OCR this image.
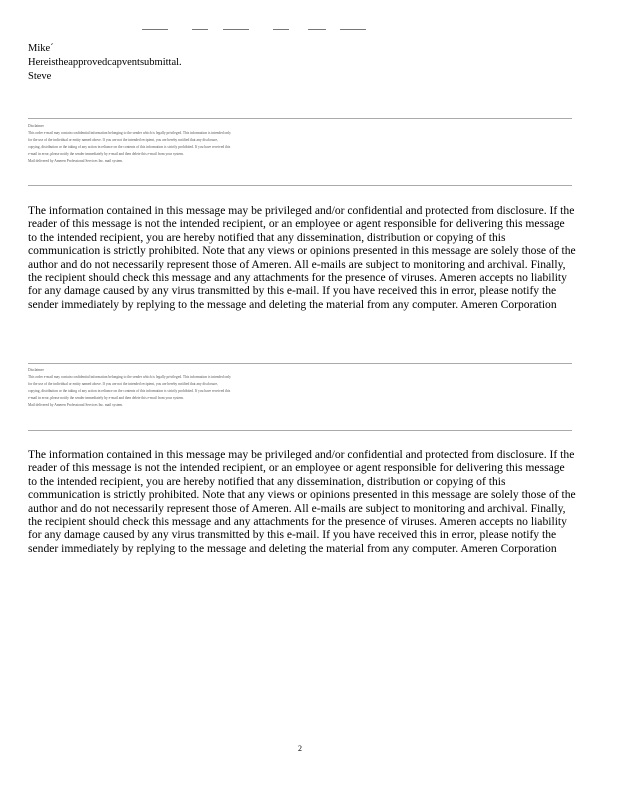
Mike´
Hereistheapprovedcapventsubmittal.
Steve
Disclaimer
This order e-mail may contain confidential information belonging to the sender which is legally privileged. This information is intended only
for the use of the individual or entity named above. If you are not the intended recipient, you are hereby notified that any disclosure,
copying, distribution or the taking of any action in reliance on the contents of this information is strictly prohibited. If you have received this
e-mail in error, please notify the sender immediately by e-mail and then delete this e-mail from your system.
Mail delivered by Ameren Professional Services Inc. mail system.
The information contained in this message may be privileged and/or confidential and protected from disclosure. If the reader of this message is not the intended recipient, or an employee or agent responsible for delivering this message to the intended recipient, you are hereby notified that any dissemination, distribution or copying of this communication is strictly prohibited. Note that any views or opinions presented in this message are solely those of the author and do not necessarily represent those of Ameren. All e-mails are subject to monitoring and archival. Finally, the recipient should check this message and any attachments for the presence of viruses. Ameren accepts no liability for any damage caused by any virus transmitted by this e-mail. If you have received this in error, please notify the sender immediately by replying to the message and deleting the material from any computer. Ameren Corporation
Disclaimer
This order e-mail may contain confidential information belonging to the sender which is legally privileged. This information is intended only
for the use of the individual or entity named above. If you are not the intended recipient, you are hereby notified that any disclosure,
copying, distribution or the taking of any action in reliance on the contents of this information is strictly prohibited. If you have received this
e-mail in error, please notify the sender immediately by e-mail and then delete this e-mail from your system.
Mail delivered by Ameren Professional Services Inc. mail system.
The information contained in this message may be privileged and/or confidential and protected from disclosure. If the reader of this message is not the intended recipient, or an employee or agent responsible for delivering this message to the intended recipient, you are hereby notified that any dissemination, distribution or copying of this communication is strictly prohibited. Note that any views or opinions presented in this message are solely those of the author and do not necessarily represent those of Ameren. All e-mails are subject to monitoring and archival. Finally, the recipient should check this message and any attachments for the presence of viruses. Ameren accepts no liability for any damage caused by any virus transmitted by this e-mail. If you have received this in error, please notify the sender immediately by replying to the message and deleting the material from any computer. Ameren Corporation
2
